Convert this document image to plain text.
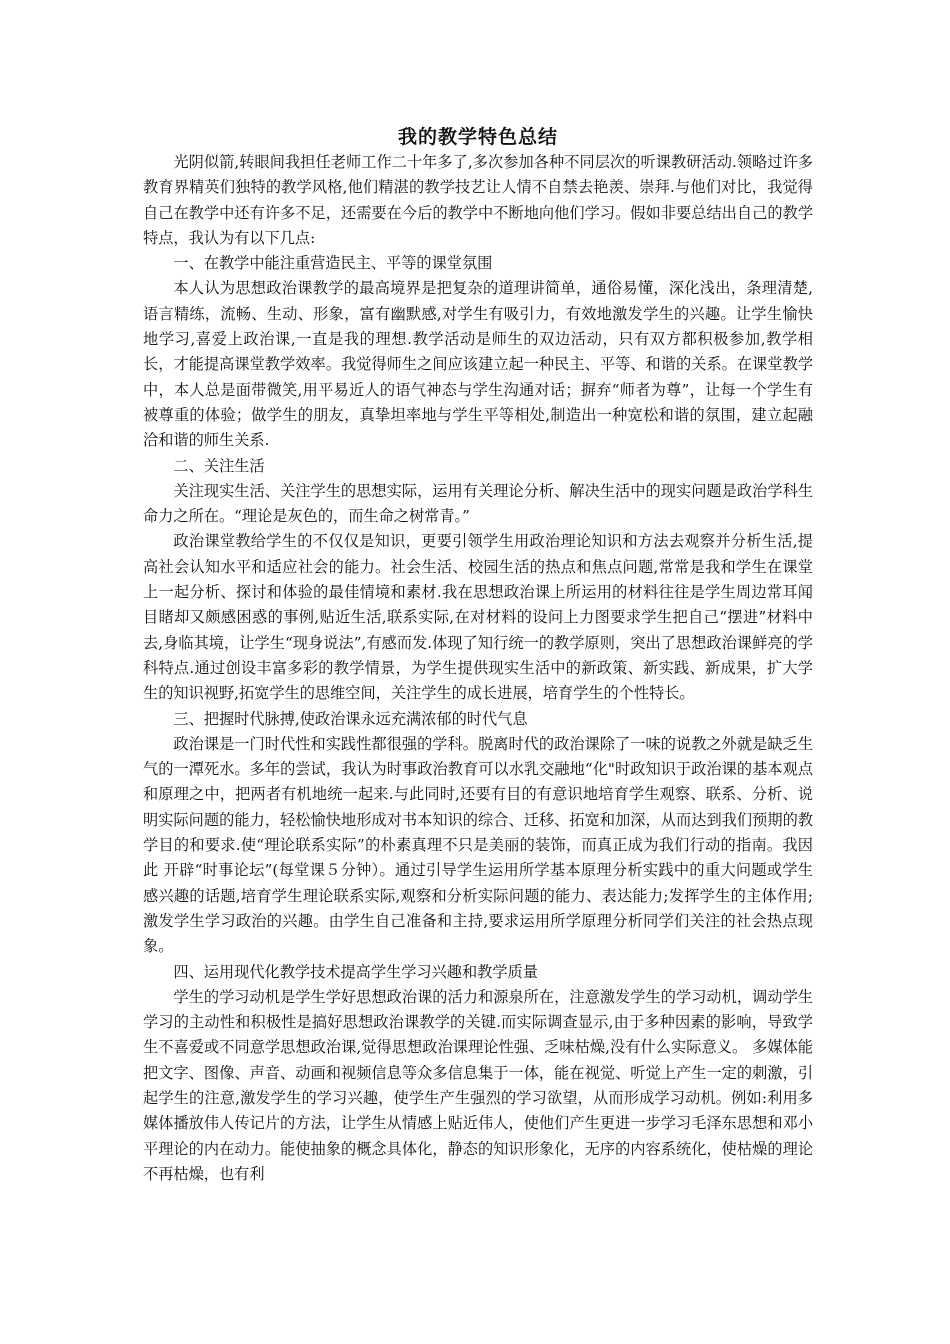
我的教学特色总结

光阴似箭,转眼间我担任老师工作二十年多了,多次参加各种不同层次的听课教研活动.领略过许多教育界精英们独特的教学风格,他们精湛的教学技艺让人情不自禁去艳羡、崇拜.与他们对比，我觉得自己在教学中还有许多不足，还需要在今后的教学中不断地向他们学习。假如非要总结出自己的教学特点，我认为有以下几点:

一、在教学中能注重营造民主、平等的课堂氛围

本人认为思想政治课教学的最高境界是把复杂的道理讲简单，通俗易懂，深化浅出，条理清楚,语言精练，流畅、生动、形象，富有幽默感,对学生有吸引力，有效地激发学生的兴趣。让学生愉快地学习,喜爱上政治课,一直是我的理想.教学活动是师生的双边活动，只有双方都积极参加,教学相长，才能提高课堂教学效率。我觉得师生之间应该建立起一种民主、平等、和谐的关系。在课堂教学中，本人总是面带微笑,用平易近人的语气神态与学生沟通对话；摒弃“师者为尊”，让每一个学生有被尊重的体验；做学生的朋友，真挚坦率地与学生平等相处,制造出一种宽松和谐的氛围，建立起融洽和谐的师生关系.

二、关注生活

关注现实生活、关注学生的思想实际，运用有关理论分析、解决生活中的现实问题是政治学科生命力之所在。“理论是灰色的，而生命之树常青。”

政治课堂教给学生的不仅仅是知识，更要引领学生用政治理论知识和方法去观察并分析生活,提高社会认知水平和适应社会的能力。社会生活、校园生活的热点和焦点问题,常常是我和学生在课堂上一起分析、探讨和体验的最佳情境和素材.我在思想政治课上所运用的材料往往是学生周边常耳闻目睹却又颇感困惑的事例,贴近生活,联系实际,在对材料的设问上力图要求学生把自己“摆进”材料中去,身临其境，让学生“现身说法”,有感而发.体现了知行统一的教学原则，突出了思想政治课鲜亮的学科特点.通过创设丰富多彩的教学情景，为学生提供现实生活中的新政策、新实践、新成果，扩大学生的知识视野,拓宽学生的思维空间，关注学生的成长进展，培育学生的个性特长。

三、把握时代脉搏,使政治课永远充满浓郁的时代气息

政治课是一门时代性和实践性都很强的学科。脱离时代的政治课除了一味的说教之外就是缺乏生气的一潭死水。多年的尝试，我认为时事政治教育可以水乳交融地“化"时政知识于政治课的基本观点和原理之中，把两者有机地统一起来.与此同时,还要有目的有意识地培育学生观察、联系、分析、说明实际问题的能力，轻松愉快地形成对书本知识的综合、迁移、拓宽和加深，从而达到我们预期的教学目的和要求.使“理论联系实际”的朴素真理不只是美丽的装饰，而真正成为我们行动的指南。我因此 开辟“时事论坛”(每堂课５分钟）。通过引导学生运用所学基本原理分析实践中的重大问题或学生感兴趣的话题,培育学生理论联系实际,观察和分析实际问题的能力、表达能力;发挥学生的主体作用;激发学生学习政治的兴趣。由学生自己准备和主持,要求运用所学原理分析同学们关注的社会热点现象。

四、运用现代化教学技术提高学生学习兴趣和教学质量

学生的学习动机是学生学好思想政治课的活力和源泉所在，注意激发学生的学习动机，调动学生学习的主动性和积极性是搞好思想政治课教学的关键.而实际调查显示,由于多种因素的影响，导致学生不喜爱或不同意学思想政治课,觉得思想政治课理论性强、乏味枯燥,没有什么实际意义。 多媒体能把文字、图像、声音、动画和视频信息等众多信息集于一体，能在视觉、听觉上产生一定的刺激，引起学生的注意,激发学生的学习兴趣，使学生产生强烈的学习欲望，从而形成学习动机。例如:利用多媒体播放伟人传记片的方法，让学生从情感上贴近伟人，使他们产生更进一步学习毛泽东思想和邓小平理论的内在动力。能使抽象的概念具体化，静态的知识形象化，无序的内容系统化，使枯燥的理论不再枯燥，也有利
